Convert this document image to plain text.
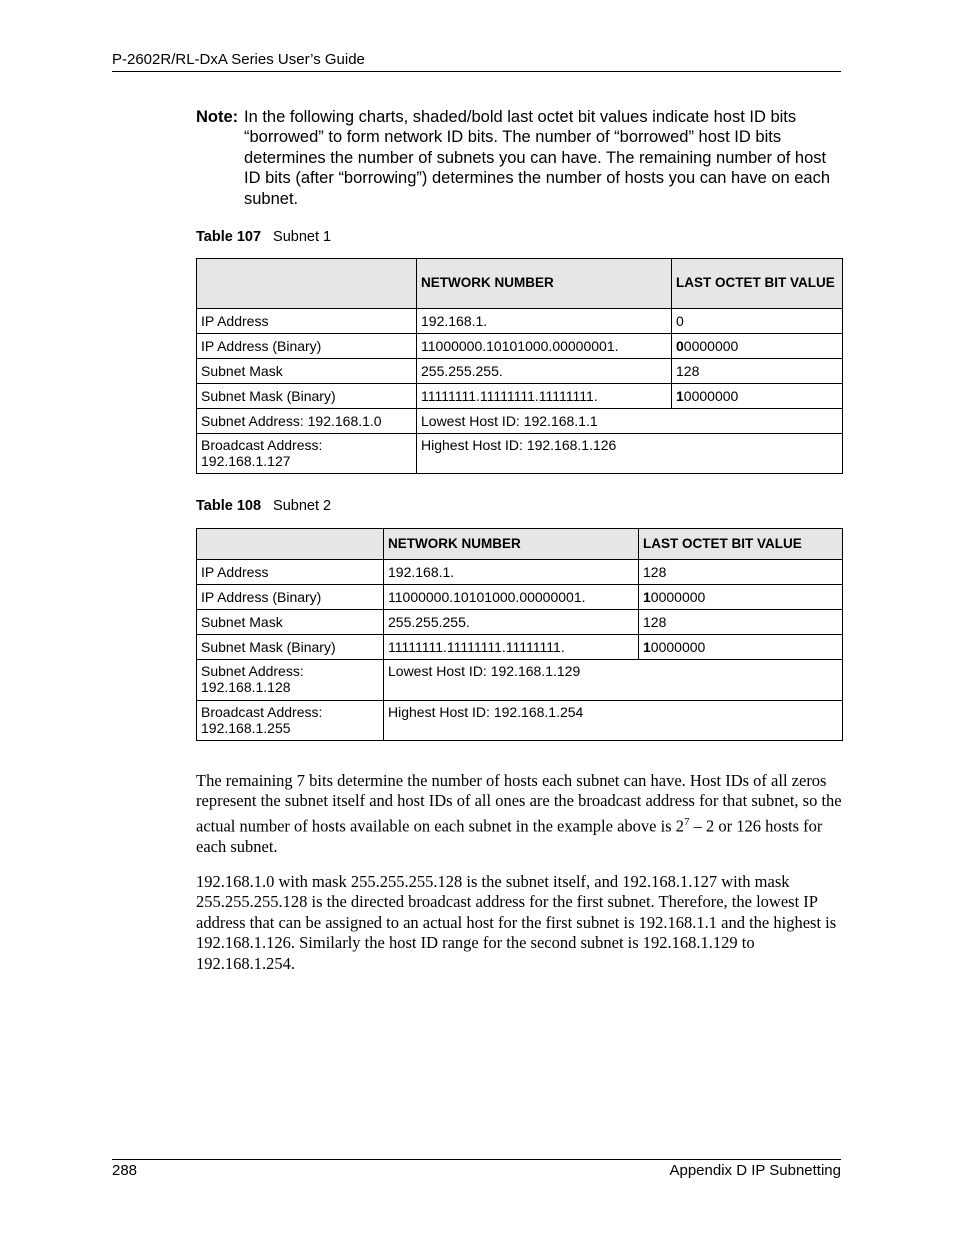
P-2602R/RL-DxA Series User’s Guide
Note: In the following charts, shaded/bold last octet bit values indicate host ID bits “borrowed” to form network ID bits. The number of “borrowed” host ID bits determines the number of subnets you can have. The remaining number of host ID bits (after “borrowing”) determines the number of hosts you can have on each subnet.
Table 107 Subnet 1
	NETWORK NUMBER	LAST OCTET BIT VALUE
IP Address	192.168.1.	0
IP Address (Binary)	11000000.10101000.00000001.	00000000
Subnet Mask	255.255.255.	128
Subnet Mask (Binary)	11111111.11111111.11111111.	10000000
Subnet Address: 192.168.1.0	Lowest Host ID: 192.168.1.1	
Broadcast Address: 192.168.1.127	Highest Host ID: 192.168.1.126	
Table 108 Subnet 2
	NETWORK NUMBER	LAST OCTET BIT VALUE
IP Address	192.168.1.	128
IP Address (Binary)	11000000.10101000.00000001.	10000000
Subnet Mask	255.255.255.	128
Subnet Mask (Binary)	11111111.11111111.11111111.	10000000
Subnet Address: 192.168.1.128	Lowest Host ID: 192.168.1.129	
Broadcast Address: 192.168.1.255	Highest Host ID: 192.168.1.254	
The remaining 7 bits determine the number of hosts each subnet can have. Host IDs of all zeros represent the subnet itself and host IDs of all ones are the broadcast address for that subnet, so the actual number of hosts available on each subnet in the example above is $2^7 - 2$ or 126 hosts for each subnet.
192.168.1.0 with mask 255.255.255.128 is the subnet itself, and 192.168.1.127 with mask 255.255.255.128 is the directed broadcast address for the first subnet. Therefore, the lowest IP address that can be assigned to an actual host for the first subnet is 192.168.1.1 and the highest is 192.168.1.126. Similarly the host ID range for the second subnet is 192.168.1.129 to 192.168.1.254.
288	Appendix D IP Subnetting
